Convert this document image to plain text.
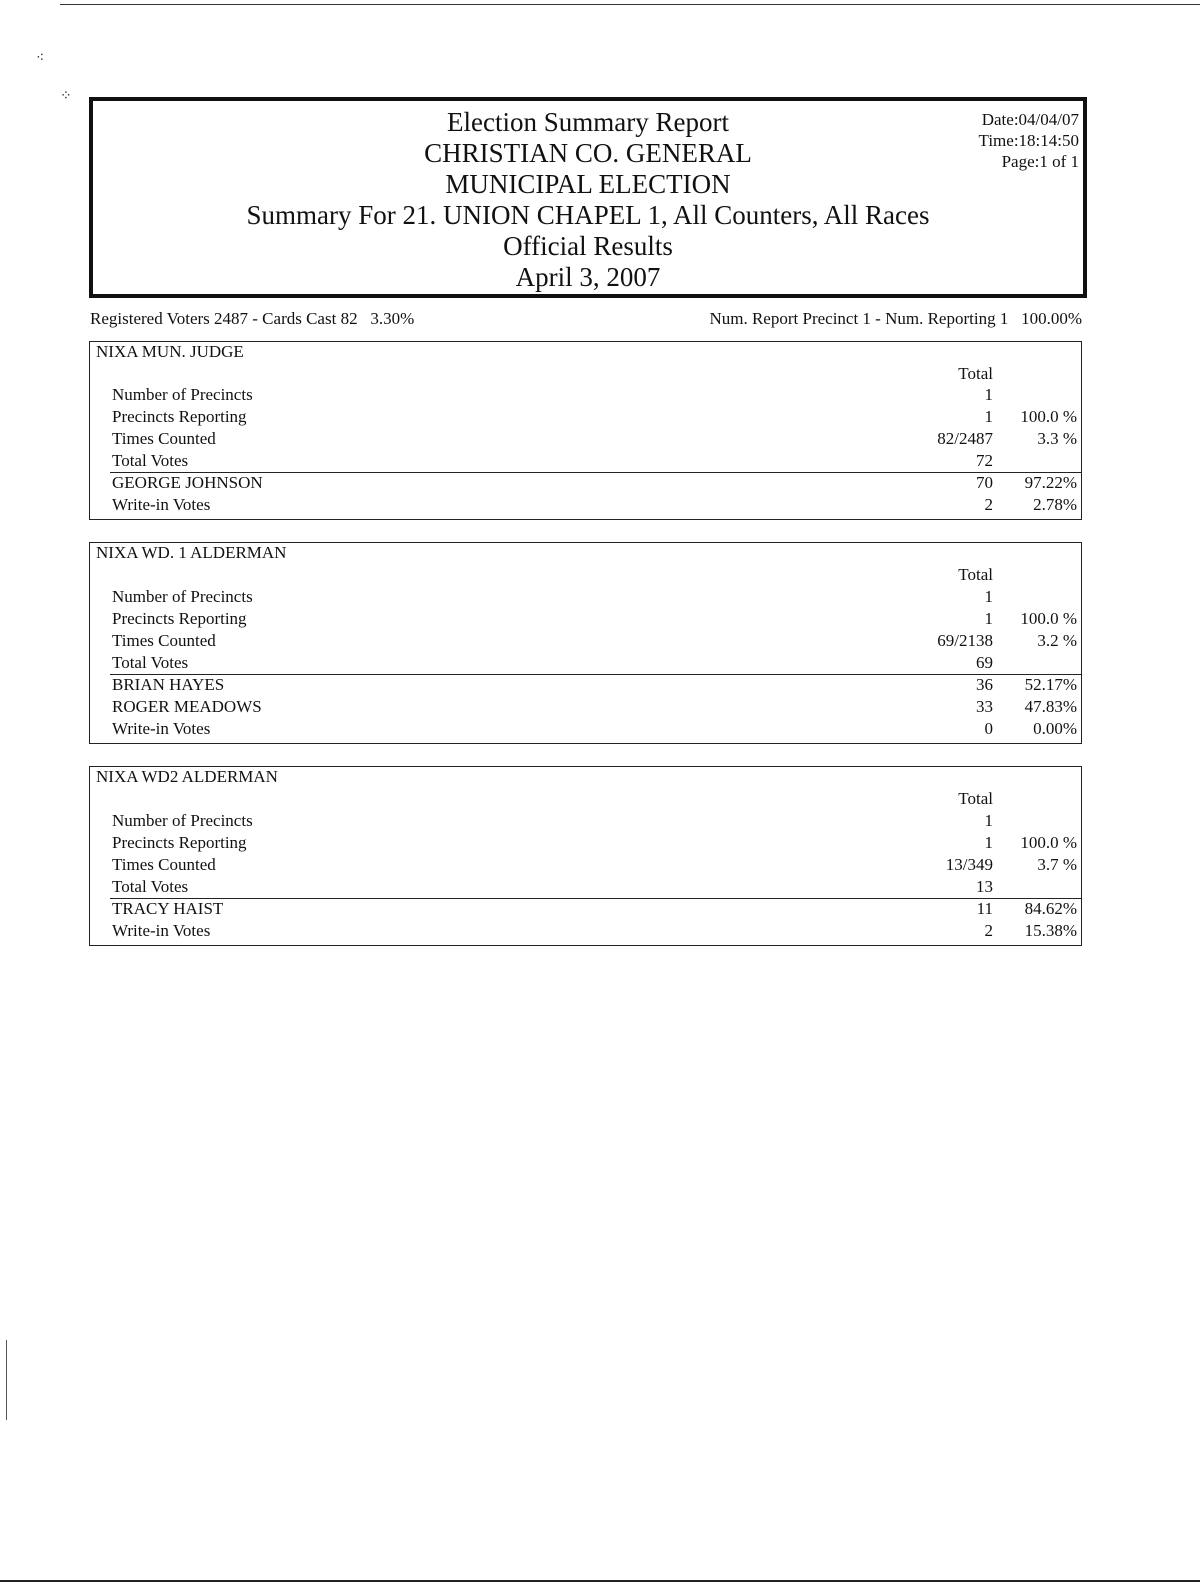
⁖
⁘
Election Summary Report
CHRISTIAN CO. GENERAL
MUNICIPAL ELECTION
Summary For 21. UNION CHAPEL 1, All Counters, All Races
Official Results
April 3, 2007
Date:04/04/07
Time:18:14:50
Page:1 of 1
Registered Voters 2487 - Cards Cast 82   3.30%	Num. Report Precinct 1 - Num. Reporting 1   100.00%
NIXA MUN. JUDGE
Total
Number of Precincts	1
Precincts Reporting	1 100.0 %
Times Counted	82/2487	3.3 %
Total Votes	72
GEORGE JOHNSON	70 97.22%
Write-in Votes	2 2.78%
NIXA WD. 1 ALDERMAN
Total
Number of Precincts	1
Precincts Reporting	1 100.0 %
Times Counted	69/2138	3.2 %
Total Votes	69
BRIAN HAYES	36 52.17%
ROGER MEADOWS	33 47.83%
Write-in Votes	0 0.00%
NIXA WD2 ALDERMAN
Total
Number of Precincts	1
Precincts Reporting	1 100.0 %
Times Counted	13/349	3.7 %
Total Votes	13
TRACY HAIST	11 84.62%
Write-in Votes	2 15.38%
